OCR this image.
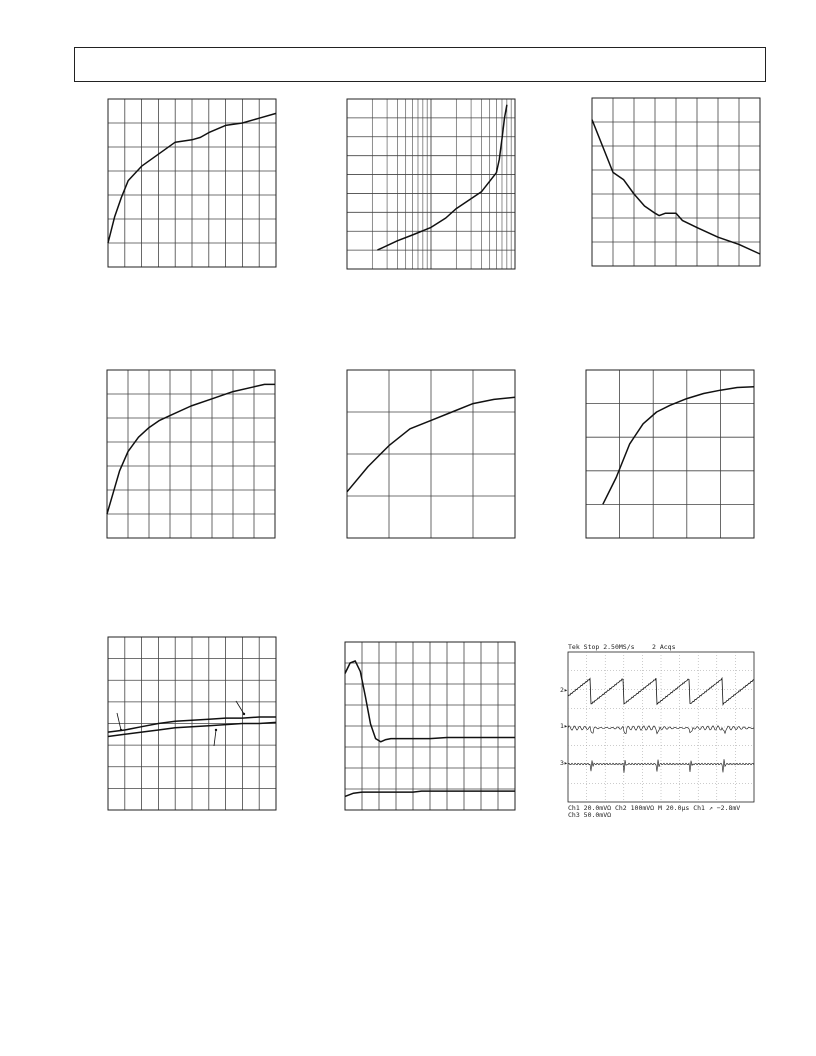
Tek Stop 2.50MS/s	2 Acqs
2▸
1▸
3▸
Ch1 20.0mVΩ Ch2 100mVΩ M 20.0µs Ch1 ↗ −2.8mV
Ch3 50.0mVΩ
